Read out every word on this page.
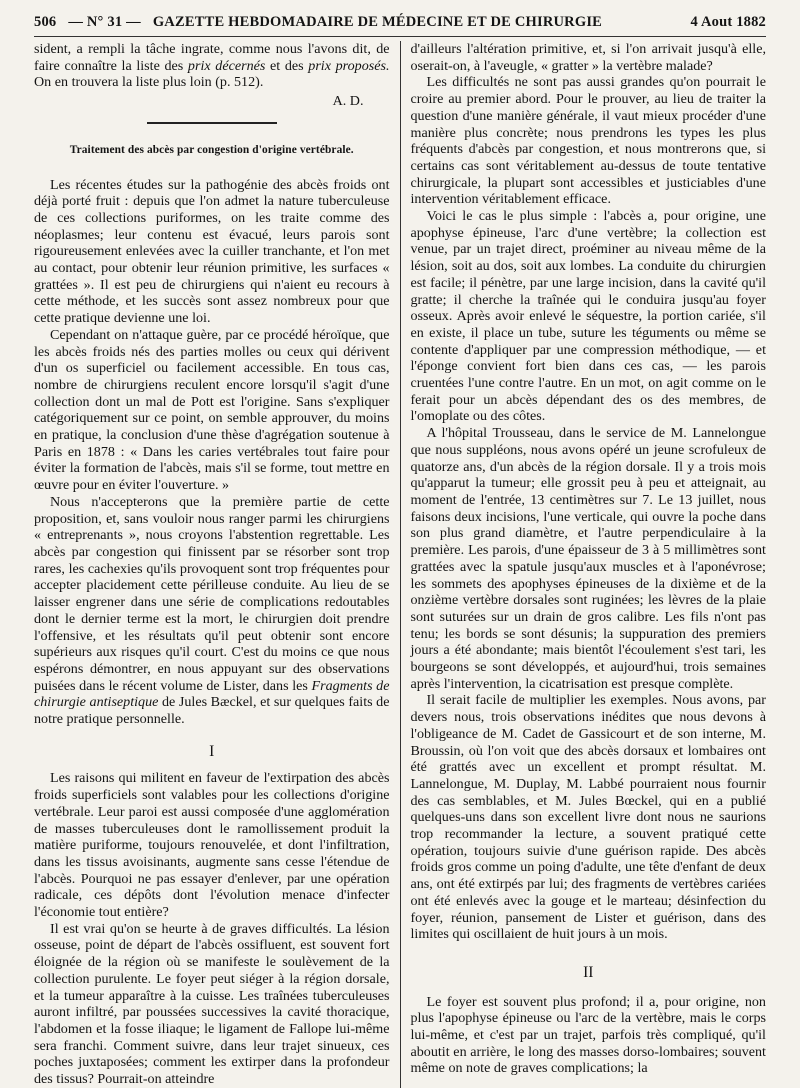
506 — N° 31 — GAZETTE HEBDOMADAIRE DE MÉDECINE ET DE CHIRURGIE	4 Aout 1882

sident, a rempli la tâche ingrate, comme nous l'avons dit, de faire connaître la liste des prix décernés et des prix proposés. On en trouvera la liste plus loin (p. 512).

A. D.
Traitement des abcès par congestion d'origine vertébrale.

Les récentes études sur la pathogénie des abcès froids ont déjà porté fruit : depuis que l'on admet la nature tuberculeuse de ces collections puriformes, on les traite comme des néoplasmes; leur contenu est évacué, leurs parois sont rigoureusement enlevées avec la cuiller tranchante, et l'on met au contact, pour obtenir leur réunion primitive, les surfaces « grattées ». Il est peu de chirurgiens qui n'aient eu recours à cette méthode, et les succès sont assez nombreux pour que cette pratique devienne une loi.

Cependant on n'attaque guère, par ce procédé héroïque, que les abcès froids nés des parties molles ou ceux qui dérivent d'un os superficiel ou facilement accessible. En tous cas, nombre de chirurgiens reculent encore lorsqu'il s'agit d'une collection dont un mal de Pott est l'origine. Sans s'expliquer catégoriquement sur ce point, on semble approuver, du moins en pratique, la conclusion d'une thèse d'agrégation soutenue à Paris en 1878 : « Dans les caries vertébrales tout faire pour éviter la formation de l'abcès, mais s'il se forme, tout mettre en œuvre pour en éviter l'ouverture. »

Nous n'accepterons que la première partie de cette proposition, et, sans vouloir nous ranger parmi les chirurgiens « entreprenants », nous croyons l'abstention regrettable. Les abcès par congestion qui finissent par se résorber sont trop rares, les cachexies qu'ils provoquent sont trop fréquentes pour accepter placidement cette périlleuse conduite. Au lieu de se laisser engrener dans une série de complications redoutables dont le dernier terme est la mort, le chirurgien doit prendre l'offensive, et les résultats qu'il peut obtenir sont encore supérieurs aux risques qu'il court. C'est du moins ce que nous espérons démontrer, en nous appuyant sur des observations puisées dans le récent volume de Lister, dans les Fragments de chirurgie antiseptique de Jules Bæckel, et sur quelques faits de notre pratique personnelle.

I

Les raisons qui militent en faveur de l'extirpation des abcès froids superficiels sont valables pour les collections d'origine vertébrale. Leur paroi est aussi composée d'une agglomération de masses tuberculeuses dont le ramollissement produit la matière puriforme, toujours renouvelée, et dont l'infiltration, dans les tissus avoisinants, augmente sans cesse l'étendue de l'abcès. Pourquoi ne pas essayer d'enlever, par une opération radicale, ces dépôts dont l'évolution menace d'infecter l'économie tout entière?

Il est vrai qu'on se heurte à de graves difficultés. La lésion osseuse, point de départ de l'abcès ossifluent, est souvent fort éloignée de la région où se manifeste le soulèvement de la collection purulente. Le foyer peut siéger à la région dorsale, et la tumeur apparaître à la cuisse. Les traînées tuberculeuses auront infiltré, par poussées successives la cavité thoracique, l'abdomen et la fosse iliaque; le ligament de Fallope lui-même sera franchi. Comment suivre, dans leur trajet sinueux, ces poches juxtaposées; comment les extirper dans la profondeur des tissus? Pourrait-on atteindre

d'ailleurs l'altération primitive, et, si l'on arrivait jusqu'à elle, oserait-on, à l'aveugle, « gratter » la vertèbre malade?

Les difficultés ne sont pas aussi grandes qu'on pourrait le croire au premier abord. Pour le prouver, au lieu de traiter la question d'une manière générale, il vaut mieux procéder d'une manière plus concrète; nous prendrons les types les plus fréquents d'abcès par congestion, et nous montrerons que, si certains cas sont véritablement au-dessus de toute tentative chirurgicale, la plupart sont accessibles et justiciables d'une intervention véritablement efficace.

Voici le cas le plus simple : l'abcès a, pour origine, une apophyse épineuse, l'arc d'une vertèbre; la collection est venue, par un trajet direct, proéminer au niveau même de la lésion, soit au dos, soit aux lombes. La conduite du chirurgien est facile; il pénètre, par une large incision, dans la cavité qu'il gratte; il cherche la traînée qui le conduira jusqu'au foyer osseux. Après avoir enlevé le séquestre, la portion cariée, s'il en existe, il place un tube, suture les téguments ou même se contente d'appliquer par une compression méthodique, — et l'éponge convient fort bien dans ces cas, — les parois cruentées l'une contre l'autre. En un mot, on agit comme on le ferait pour un abcès dépendant des os des membres, de l'omoplate ou des côtes.

A l'hôpital Trousseau, dans le service de M. Lannelongue que nous suppléons, nous avons opéré un jeune scrofuleux de quatorze ans, d'un abcès de la région dorsale. Il y a trois mois qu'apparut la tumeur; elle grossit peu à peu et atteignait, au moment de l'entrée, 13 centimètres sur 7. Le 13 juillet, nous faisons deux incisions, l'une verticale, qui ouvre la poche dans son plus grand diamètre, et l'autre perpendiculaire à la première. Les parois, d'une épaisseur de 3 à 5 millimètres sont grattées avec la spatule jusqu'aux muscles et à l'aponévrose; les sommets des apophyses épineuses de la dixième et de la onzième vertèbre dorsales sont ruginées; les lèvres de la plaie sont suturées sur un drain de gros calibre. Les fils n'ont pas tenu; les bords se sont désunis; la suppuration des premiers jours a été abondante; mais bientôt l'écoulement s'est tari, les bourgeons se sont développés, et aujourd'hui, trois semaines après l'intervention, la cicatrisation est presque complète.

Il serait facile de multiplier les exemples. Nous avons, par devers nous, trois observations inédites que nous devons à l'obligeance de M. Cadet de Gassicourt et de son interne, M. Broussin, où l'on voit que des abcès dorsaux et lombaires ont été grattés avec un excellent et prompt résultat. M. Lannelongue, M. Duplay, M. Labbé pourraient nous fournir des cas semblables, et M. Jules Bœckel, qui en a publié quelques-uns dans son excellent livre dont nous ne saurions trop recommander la lecture, a souvent pratiqué cette opération, toujours suivie d'une guérison rapide. Des abcès froids gros comme un poing d'adulte, une tête d'enfant de deux ans, ont été extirpés par lui; des fragments de vertèbres cariées ont été enlevés avec la gouge et le marteau; désinfection du foyer, réunion, pansement de Lister et guérison, dans des limites qui oscillaient de huit jours à un mois.

II

Le foyer est souvent plus profond; il a, pour origine, non plus l'apophyse épineuse ou l'arc de la vertèbre, mais le corps lui-même, et c'est par un trajet, parfois très compliqué, qu'il aboutit en arrière, le long des masses dorso-lombaires; souvent même on note de graves complications; la
